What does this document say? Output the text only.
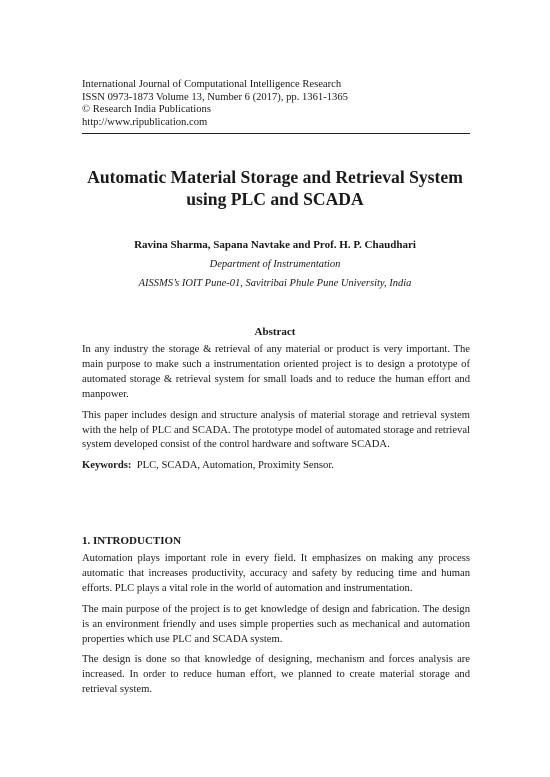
International Journal of Computational Intelligence Research
ISSN 0973-1873 Volume 13, Number 6 (2017), pp. 1361-1365
© Research India Publications
http://www.ripublication.com
Automatic Material Storage and Retrieval System
using PLC and SCADA
Ravina Sharma, Sapana Navtake and Prof. H. P. Chaudhari
Department of Instrumentation
AISSMS’s IOIT Pune-01, Savitribai Phule Pune University, India
Abstract

In any industry the storage & retrieval of any material or product is very important. The main purpose to make such a instrumentation oriented project is to design a prototype of automated storage & retrieval system for small loads and to reduce the human effort and manpower.

This paper includes design and structure analysis of material storage and retrieval system with the help of PLC and SCADA. The prototype model of automated storage and retrieval system developed consist of the control hardware and software SCADA.

Keywords: PLC, SCADA, Automation, Proximity Sensor.

1. INTRODUCTION

Automation plays important role in every field. It emphasizes on making any process automatic that increases productivity, accuracy and safety by reducing time and human efforts. PLC plays a vital role in the world of automation and instrumentation.

The main purpose of the project is to get knowledge of design and fabrication. The design is an environment friendly and uses simple properties such as mechanical and automation properties which use PLC and SCADA system.

The design is done so that knowledge of designing, mechanism and forces analysis are increased. In order to reduce human effort, we planned to create material storage and retrieval system.
